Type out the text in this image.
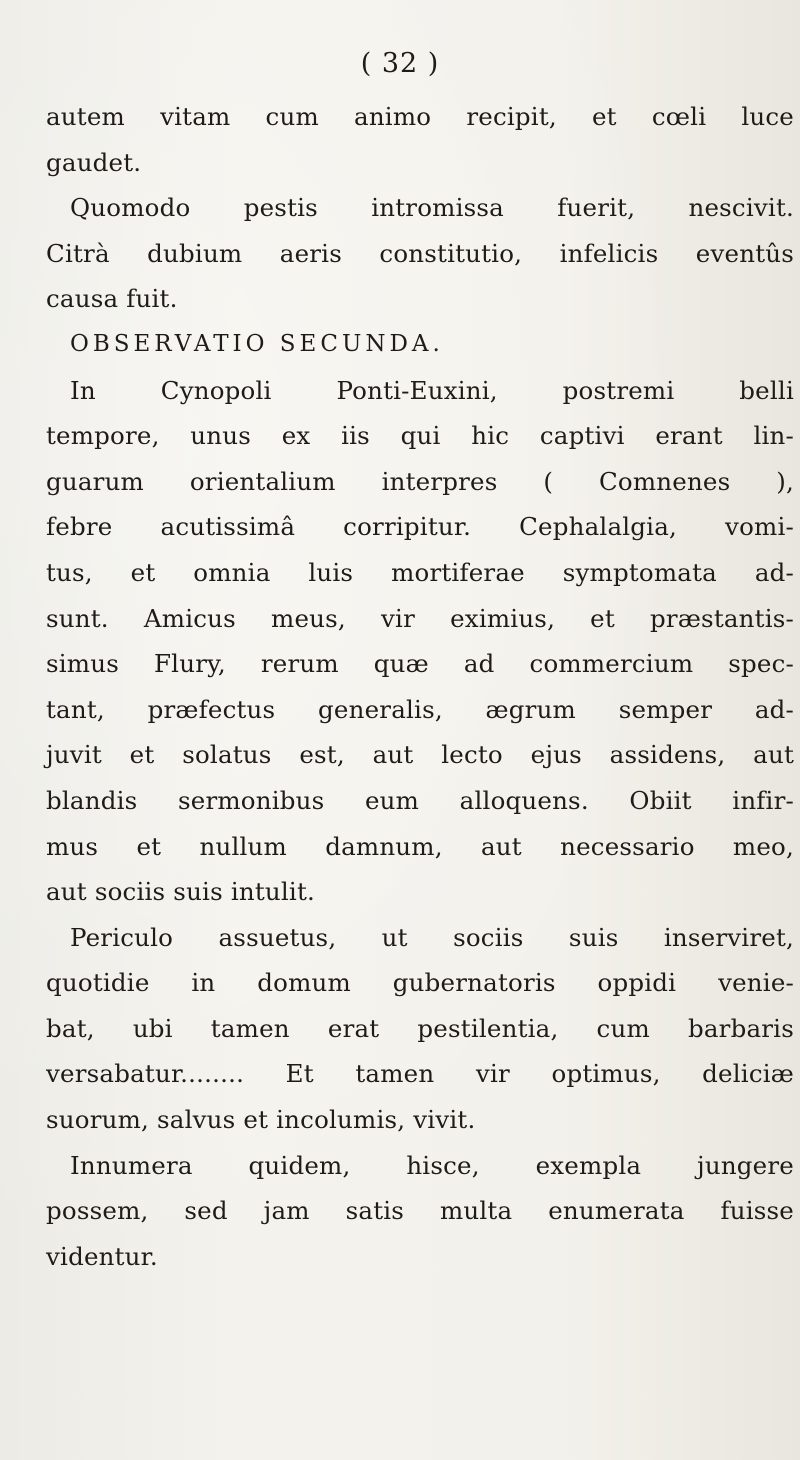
( 32 )
autem vitam cum animo recipit, et cœli luce
gaudet.
Quomodo pestis intromissa fuerit, nescivit.
Citrà dubium aeris constitutio, infelicis eventûs
causa fuit.
OBSERVATIO SECUNDA.
In Cynopoli Ponti-Euxini, postremi belli
tempore, unus ex iis qui hic captivi erant lin-
guarum orientalium interpres ( Comnenes ),
febre acutissimâ corripitur. Cephalalgia, vomi-
tus, et omnia luis mortiferae symptomata ad-
sunt. Amicus meus, vir eximius, et præstantis-
simus Flury, rerum quæ ad commercium spec-
tant, præfectus generalis, ægrum semper ad-
juvit et solatus est, aut lecto ejus assidens, aut
blandis sermonibus eum alloquens. Obiit infir-
mus et nullum damnum, aut necessario meo,
aut sociis suis intulit.
Periculo assuetus, ut sociis suis inserviret,
quotidie in domum gubernatoris oppidi venie-
bat, ubi tamen erat pestilentia, cum barbaris
versabatur........ Et tamen vir optimus, deliciæ
suorum, salvus et incolumis, vivit.
Innumera quidem, hisce, exempla jungere
possem, sed jam satis multa enumerata fuisse
videntur.
